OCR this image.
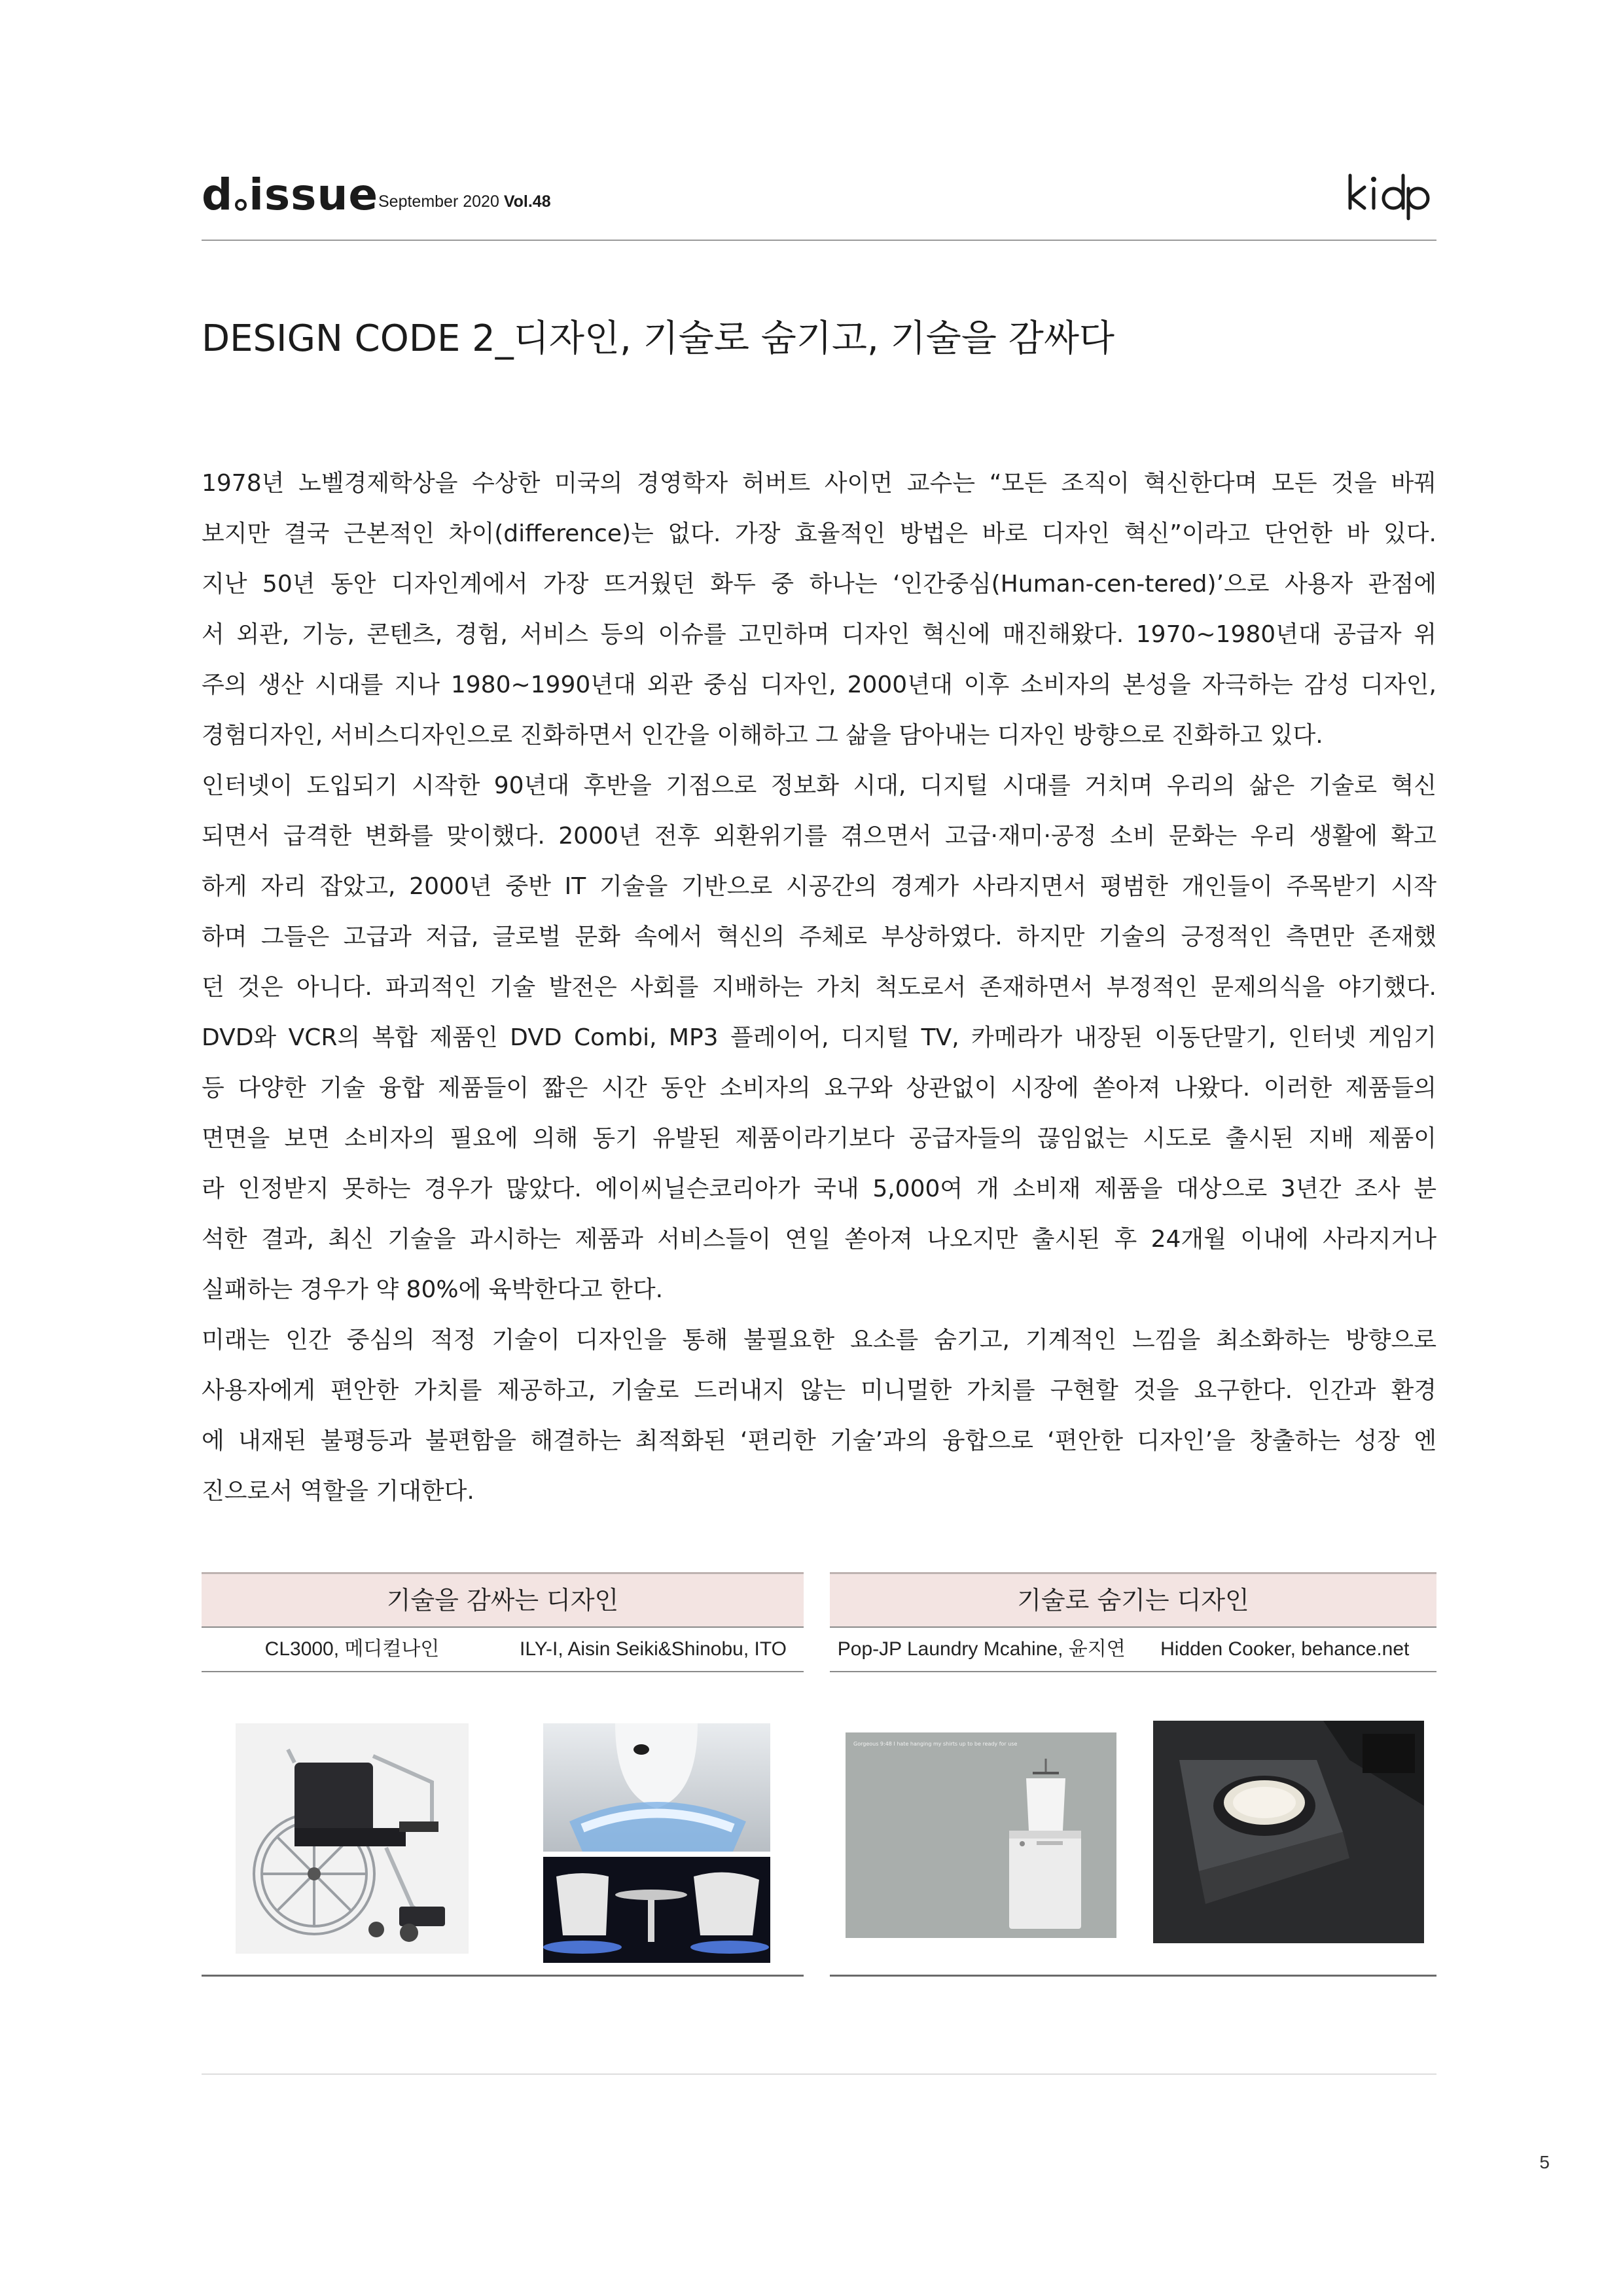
d issue September 2020 Vol.48
DESIGN CODE 2_디자인, 기술로 숨기고, 기술을 감싸다

1978년 노벨경제학상을 수상한 미국의 경영학자 허버트 사이먼 교수는 “모든 조직이 혁신한다며 모든 것을 바꿔

보지만 결국 근본적인 차이(difference)는 없다. 가장 효율적인 방법은 바로 디자인 혁신”이라고 단언한 바 있다.

지난 50년 동안 디자인계에서 가장 뜨거웠던 화두 중 하나는 ‘인간중심(Human-cen-tered)’으로 사용자 관점에

서 외관, 기능, 콘텐츠, 경험, 서비스 등의 이슈를 고민하며 디자인 혁신에 매진해왔다. 1970~1980년대 공급자 위

주의 생산 시대를 지나 1980~1990년대 외관 중심 디자인, 2000년대 이후 소비자의 본성을 자극하는 감성 디자인,

경험디자인, 서비스디자인으로 진화하면서 인간을 이해하고 그 삶을 담아내는 디자인 방향으로 진화하고 있다.

인터넷이 도입되기 시작한 90년대 후반을 기점으로 정보화 시대, 디지털 시대를 거치며 우리의 삶은 기술로 혁신

되면서 급격한 변화를 맞이했다. 2000년 전후 외환위기를 겪으면서 고급·재미·공정 소비 문화는 우리 생활에 확고

하게 자리 잡았고, 2000년 중반 IT 기술을 기반으로 시공간의 경계가 사라지면서 평범한 개인들이 주목받기 시작

하며 그들은 고급과 저급, 글로벌 문화 속에서 혁신의 주체로 부상하였다. 하지만 기술의 긍정적인 측면만 존재했

던 것은 아니다. 파괴적인 기술 발전은 사회를 지배하는 가치 척도로서 존재하면서 부정적인 문제의식을 야기했다.

DVD와 VCR의 복합 제품인 DVD Combi, MP3 플레이어, 디지털 TV, 카메라가 내장된 이동단말기, 인터넷 게임기

등 다양한 기술 융합 제품들이 짧은 시간 동안 소비자의 요구와 상관없이 시장에 쏟아져 나왔다. 이러한 제품들의

면면을 보면 소비자의 필요에 의해 동기 유발된 제품이라기보다 공급자들의 끊임없는 시도로 출시된 지배 제품이

라 인정받지 못하는 경우가 많았다. 에이씨닐슨코리아가 국내 5,000여 개 소비재 제품을 대상으로 3년간 조사 분

석한 결과, 최신 기술을 과시하는 제품과 서비스들이 연일 쏟아져 나오지만 출시된 후 24개월 이내에 사라지거나

실패하는 경우가 약 80%에 육박한다고 한다.

미래는 인간 중심의 적정 기술이 디자인을 통해 불필요한 요소를 숨기고, 기계적인 느낌을 최소화하는 방향으로

사용자에게 편안한 가치를 제공하고, 기술로 드러내지 않는 미니멀한 가치를 구현할 것을 요구한다. 인간과 환경

에 내재된 불평등과 불편함을 해결하는 최적화된 ‘편리한 기술’과의 융합으로 ‘편안한 디자인’을 창출하는 성장 엔

진으로서 역할을 기대한다.

기술을 감싸는 디자인
CL3000, 메디컬나인	ILY-I, Aisin Seiki&Shinobu, ITO
기술로 숨기는 디자인
Pop-JP Laundry Mcahine, 윤지연	Hidden Cooker, behance.net
Gorgeous 9:48 I hate hanging my shirts up to be ready for use
5
